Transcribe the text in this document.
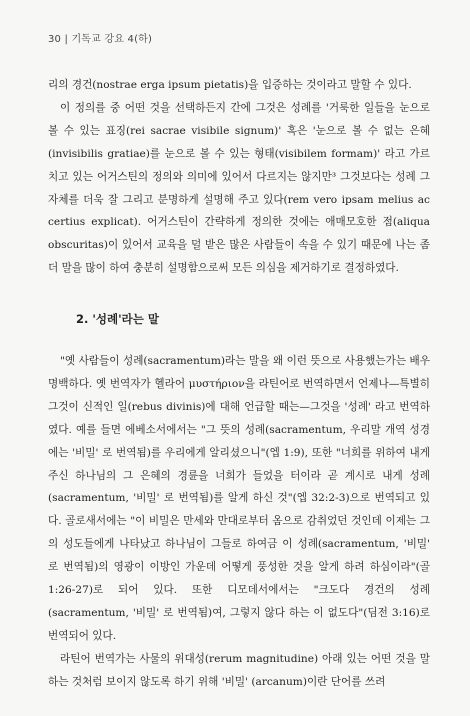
30 | 기독교 강요 4(하)

리의 경건(nostrae erga ipsum pietatis)을 입증하는 것이라고 말할 수 있다.

이 정의를 중 어떤 것을 선택하든지 간에 그것은 성례를 '거룩한 일들을 눈으로 볼 수 있는 표징(rei sacrae visibile signum)' 혹은 '눈으로 볼 수 없는 은혜(invisibilis gratiae)를 눈으로 볼 수 있는 형태(visibilem formam)' 라고 가르치고 있는 어거스틴의 정의와 의미에 있어서 다르지는 않지만³ 그것보다는 성례 그 자체를 더욱 잘 그리고 분명하게 설명해 주고 있다(rem vero ipsam melius ac certius explicat). 어거스틴이 간략하게 정의한 것에는 애매모호한 점(aliqua obscuritas)이 있어서 교육을 덜 받은 많은 사람들이 속을 수 있기 때문에 나는 좀 더 말을 많이 하여 충분히 설명함으로써 모든 의심을 제거하기로 결정하였다.

2. '성례'라는 말

"옛 사람들이 성례(sacramentum)라는 말을 왜 이런 뜻으로 사용했는가는 배우 명백하다. 옛 번역자가 헬라어 μυστήριον을 라틴어로 번역하면서 언제나—특별히 그것이 신적인 일(rebus divinis)에 대해 언급할 때는—그것을 '성례' 라고 번역하였다. 예를 들면 에베소서에서는 "그 뜻의 성례(sacramentum, 우리말 개역 성경에는 '비밀' 로 번역됨)를 우리에게 알리셨으니"(엡 1:9), 또한 "너희를 위하여 내게 주신 하나님의 그 은혜의 경륜을 너희가 들었을 터이라 곧 계시로 내게 성례(sacramentum, '비밀' 로 번역됨)를 알게 하신 것"(엡 32:2-3)으로 번역되고 있다. 골로새서에는 "이 비밀은 만세와 만대로부터 옴으로 감취었던 것인데 이제는 그의 성도들에게 나타났고 하나님이 그들로 하여금 이 성례(sacramentum, '비밀' 로 번역됨)의 영광이 이방인 가운데 어떻게 풍성한 것을 알게 하려 하심이라"(골 1:26-27)로 되어 있다. 또한 디모데서에서는 "크도다 경건의 성례(sacramentum, '비밀' 로 번역됨)여, 그렇지 않다 하는 이 없도다"(딤전 3:16)로 번역되어 있다.

라틴어 번역가는 사물의 위대성(rerum magnitudine) 아래 있는 어떤 것을 말하는 것처럼 보이지 않도록 하기 위해 '비밀' (arcanum)이란 단어를 쓰려
